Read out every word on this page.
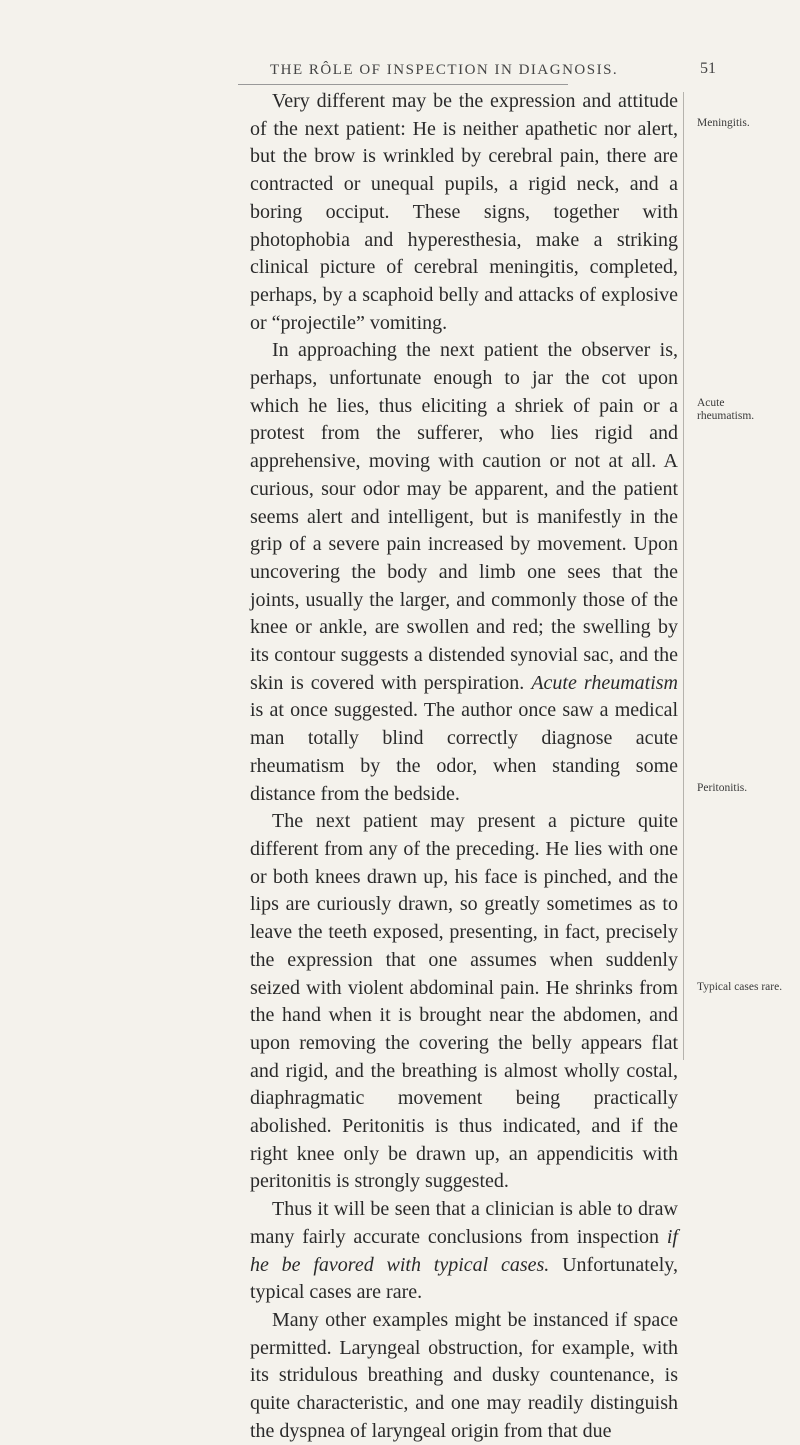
THE RÔLE OF INSPECTION IN DIAGNOSIS.	51

Very different may be the expression and attitude of the next patient: He is neither apathetic nor alert, but the brow is wrinkled by cerebral pain, there are contracted or unequal pupils, a rigid neck, and a boring occiput. These signs, together with photophobia and hyperesthesia, make a striking clinical picture of cerebral meningitis, completed, perhaps, by a scaphoid belly and attacks of explosive or “projectile” vomiting.

In approaching the next patient the observer is, perhaps, unfortunate enough to jar the cot upon which he lies, thus eliciting a shriek of pain or a protest from the sufferer, who lies rigid and apprehensive, moving with caution or not at all. A curious, sour odor may be apparent, and the patient seems alert and intelligent, but is manifestly in the grip of a severe pain increased by movement. Upon uncovering the body and limb one sees that the joints, usually the larger, and commonly those of the knee or ankle, are swollen and red; the swelling by its contour suggests a distended synovial sac, and the skin is covered with perspiration. Acute rheumatism is at once suggested. The author once saw a medical man totally blind correctly diagnose acute rheumatism by the odor, when standing some distance from the bedside.

The next patient may present a picture quite different from any of the preceding. He lies with one or both knees drawn up, his face is pinched, and the lips are curiously drawn, so greatly sometimes as to leave the teeth exposed, presenting, in fact, precisely the expression that one assumes when suddenly seized with violent abdominal pain. He shrinks from the hand when it is brought near the abdomen, and upon removing the covering the belly appears flat and rigid, and the breathing is almost wholly costal, diaphragmatic movement being practically abolished. Peritonitis is thus indicated, and if the right knee only be drawn up, an appendicitis with peritonitis is strongly suggested.

Thus it will be seen that a clinician is able to draw many fairly accurate conclusions from inspection if he be favored with typical cases. Unfortunately, typical cases are rare.

Many other examples might be instanced if space permitted. Laryngeal obstruction, for example, with its stridulous breathing and dusky countenance, is quite characteristic, and one may readily distinguish the dyspnea of laryngeal origin from that due

Meningitis.
Acute rheumatism.
Peritonitis.
Typical cases rare.
